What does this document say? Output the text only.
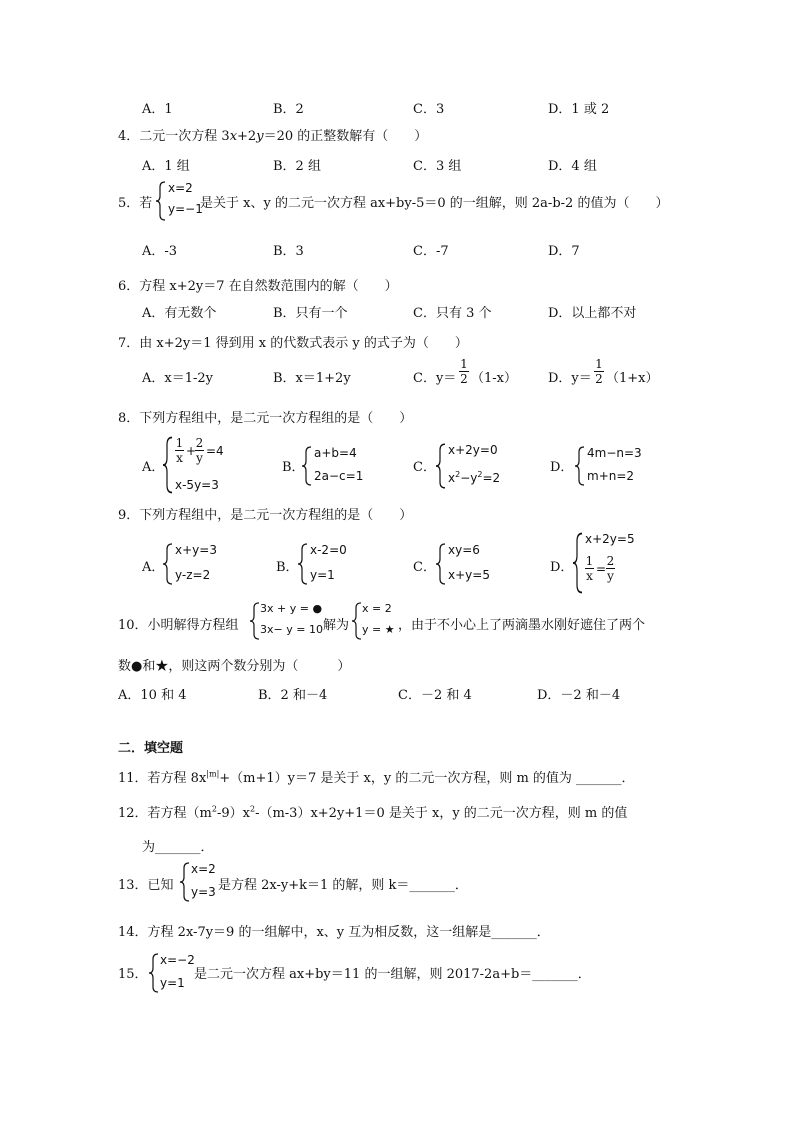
A．1	B．2	C．3	D．1 或 2
4．二元一次方程 3x+2y＝20 的正整数解有（　　）
A．1 组	B．2 组	C．3 组	D．4 组
5．若
x=2
y=−1
是关于 x、y 的二元一次方程 ax+by-5＝0 的一组解，则 2a-b-2 的值为（　　）
A．-3	B．3	C．-7	D．7
6．方程 x+2y＝7 在自然数范围内的解（　　）
A．有无数个	B．只有一个	C．只有 3 个	D．以上都不对
7．由 x+2y＝1 得到用 x 的代数式表示 y 的式子为（　　）
A．x＝1-2y	B．x＝1+2y	C．$y= \frac{1}{2} (1-x)$ D．$y= \frac{1}{2} (1+x)$
8．下列方程组中，是二元一次方程组的是（　　）
A．
$\frac{1}{x}$ +
$\frac{2}{y} =4$
x-5y=3
B．
a+b=4
2a−c=1
C．
x+2y=0
$x^2-y^2=2$
D．
4m−n=3
m+n=2
9．下列方程组中，是二元一次方程组的是（　　）
A．
x+y=3
y-z=2	B．
x-2=0
y=1	C．
xy=6
x+y=5	D．
x+2y=5
$\frac{1}{x} = \frac{2}{y}$
10．小明解得方程组
3x + y = ●
3x− y = 10 解为
x = 2
y = ★ ，由于不小心上了两滴墨水刚好遮住了两个
数●和★，则这两个数分别为（　　　）
A．10 和 4	B．2 和－4	C．－2 和 4	D．－2 和－4
二．填空题
11．若方程 $8x^{|m|}+(m+1)y=7$ 是关于 x，y 的二元一次方程，则 m 的值为 _______．
12．若方程$(m^2-9)x^2-(m-3)x+2y+1=0$ 是关于 x，y 的二元一次方程，则 m 的值
为_______．
13．已知
x=2
y=3 是方程 2x-y+k＝1 的解，则 k＝_______．
14．方程 2x-7y＝9 的一组解中，x、y 互为相反数，这一组解是_______．
15．
x=−2
y=1
是二元一次方程 ax+by＝11 的一组解，则 2017-2a+b＝_______．
